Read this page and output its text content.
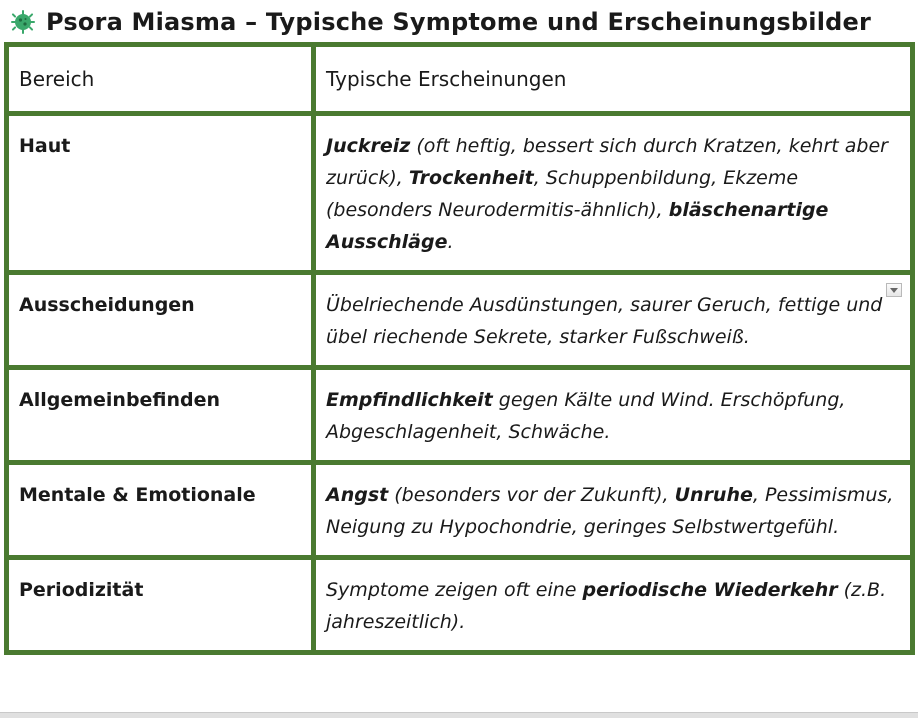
Psora Miasma – Typische Symptome und Erscheinungsbilder
Bereich	Typische Erscheinungen
Haut	Juckreiz (oft heftig, bessert sich durch Kratzen, kehrt aber zurück), Trockenheit, Schuppenbildung, Ekzeme (besonders Neurodermitis-ähnlich), bläschenartige Ausschläge.
Ausscheidungen	Übelriechende Ausdünstungen, saurer Geruch, fettige und übel riechende Sekrete, starker Fußschweiß.

Allgemeinbefinden	Empfindlichkeit gegen Kälte und Wind. Erschöpfung, Abgeschlagenheit, Schwäche.
Mentale & Emotionale	Angst (besonders vor der Zukunft), Unruhe, Pessimismus, Neigung zu Hypochondrie, geringes Selbstwertgefühl.
Periodizität	Symptome zeigen oft eine periodische Wiederkehr (z.B. jahreszeitlich).
